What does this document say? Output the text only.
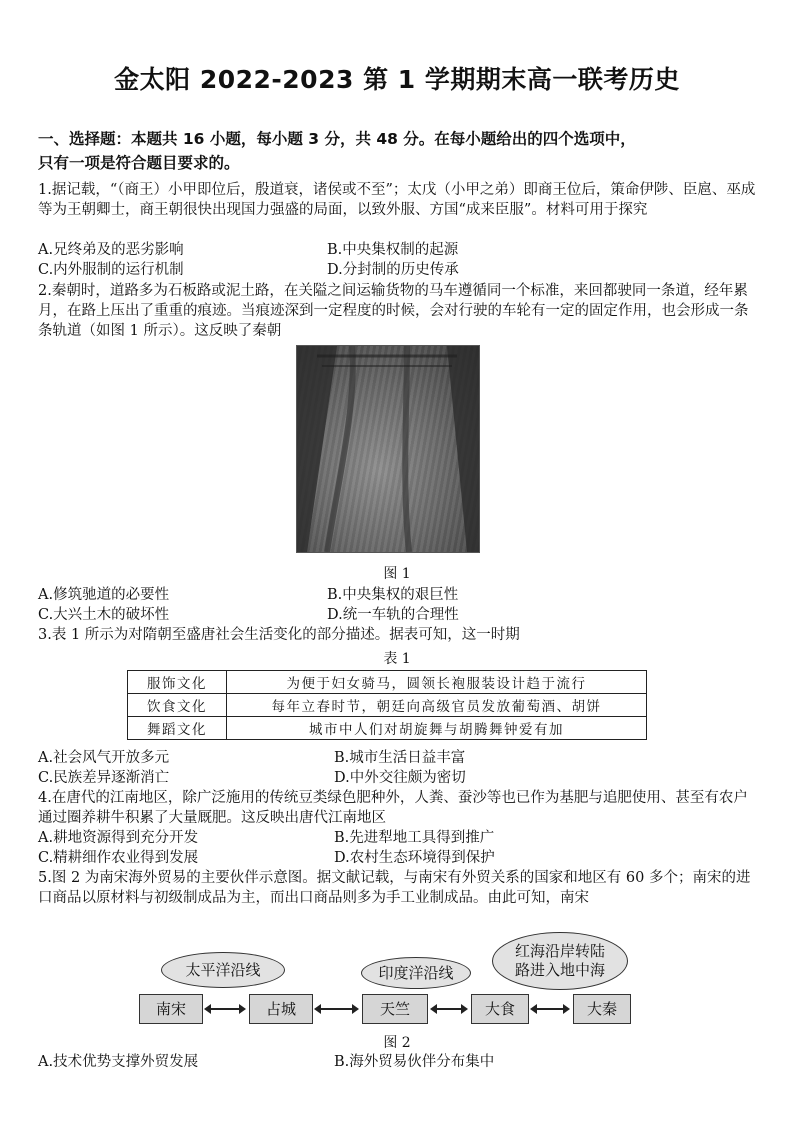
金太阳 2022-2023 第 1 学期期末高一联考历史
一、选择题：本题共 16 小题，每小题 3 分，共 48 分。在每小题给出的四个选项中，
只有一项是符合题目要求的。
1.据记载，“（商王）小甲即位后，殷道衰，诸侯或不至”；太戊（小甲之弟）即商王位后，策命伊陟、臣扈、巫成等为王朝卿士，商王朝很快出现国力强盛的局面，以致外服、方国“成来臣服”。材料可用于探究
A.兄终弟及的恶劣影响	B.中央集权制的起源
C.内外服制的运行机制	D.分封制的历史传承
2.秦朝时，道路多为石板路或泥土路，在关隘之间运输货物的马车遵循同一个标准，来回都驶同一条道，经年累月，在路上压出了重重的痕迹。当痕迹深到一定程度的时候，会对行驶的车轮有一定的固定作用，也会形成一条条轨道（如图 1 所示）。这反映了秦朝
图 1
A.修筑驰道的必要性	B.中央集权的艰巨性
C.大兴土木的破坏性	D.统一车轨的合理性
3.表 1 所示为对隋朝至盛唐社会生活变化的部分描述。据表可知，这一时期
表 1
服饰文化	为便于妇女骑马，圆领长袍服装设计趋于流行
饮食文化	每年立春时节，朝廷向高级官员发放葡萄酒、胡饼
舞蹈文化	城市中人们对胡旋舞与胡腾舞钟爱有加
A.社会风气开放多元	B.城市生活日益丰富
C.民族差异逐渐消亡	D.中外交往颇为密切
4.在唐代的江南地区，除广泛施用的传统豆类绿色肥种外，人粪、蚕沙等也已作为基肥与追肥使用、甚至有农户通过圈养耕牛积累了大量厩肥。这反映出唐代江南地区
A.耕地资源得到充分开发	B.先进犁地工具得到推广
C.精耕细作农业得到发展	D.农村生态环境得到保护
5.图 2 为南宋海外贸易的主要伙伴示意图。据文献记载，与南宋有外贸关系的国家和地区有 60 多个；南宋的进口商品以原材料与初级制成品为主，而出口商品则多为手工业制成品。由此可知，南宋
太平洋沿线	印度洋沿线
红海沿岸转陆
路进入地中海
南宋	占城	天竺	大食	大秦
图 2
A.技术优势支撑外贸发展	B.海外贸易伙伴分布集中
